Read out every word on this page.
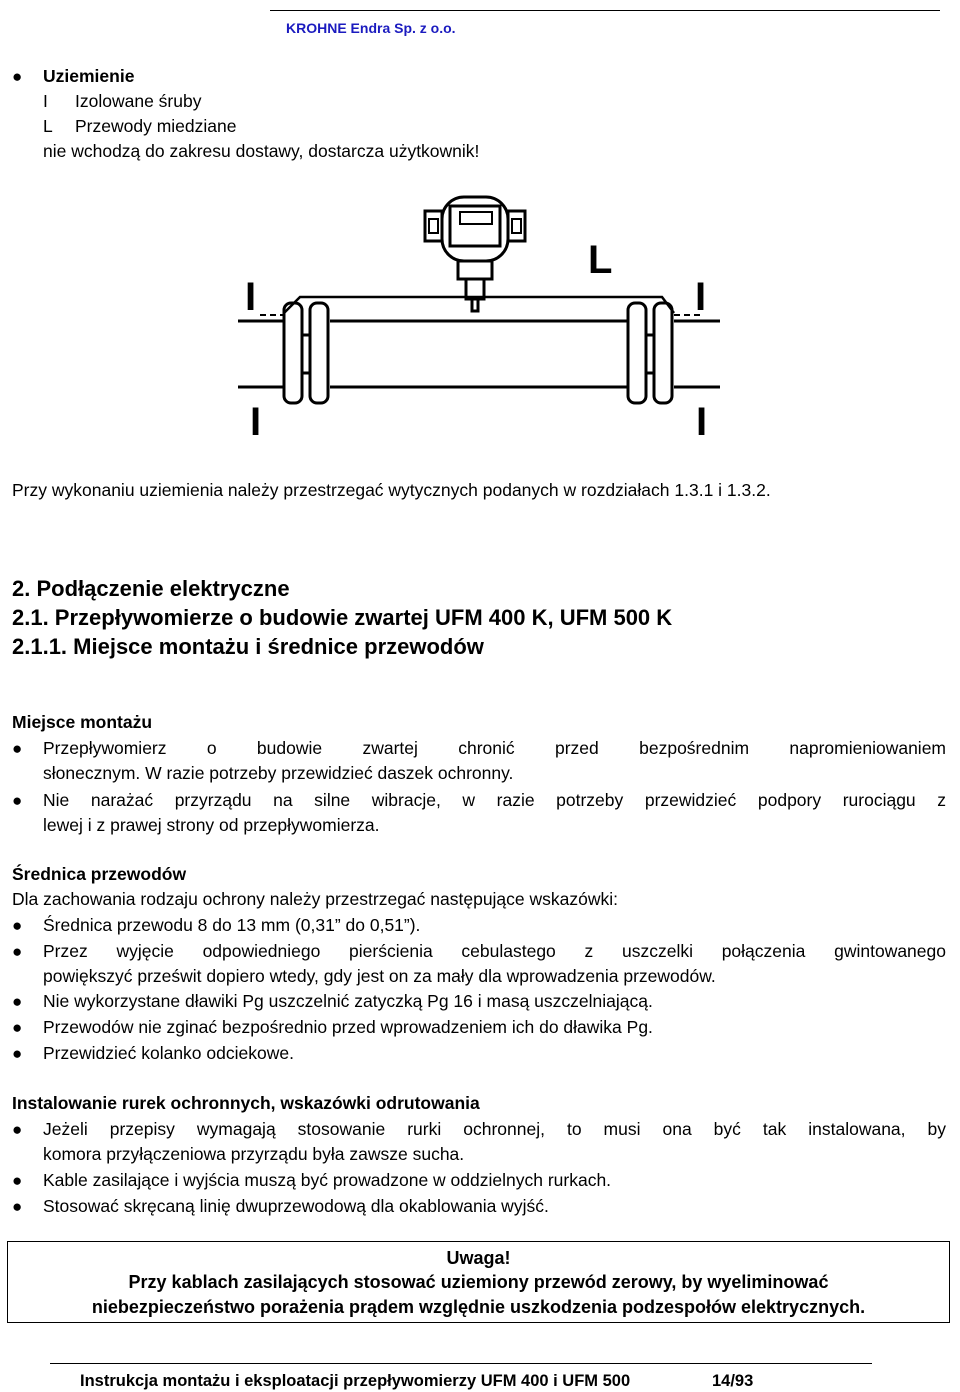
KROHNE Endra Sp. z o.o.
● Uziemienie
I Izolowane śruby
L Przewody miedziane
nie wchodzą do zakresu dostawy, dostarcza użytkownik!
L
I	I
I	I
Przy wykonaniu uziemienia należy przestrzegać wytycznych podanych w rozdziałach 1.3.1 i 1.3.2.
2. Podłączenie elektryczne
2.1. Przepływomierze o budowie zwartej UFM 400 K, UFM 500 K
2.1.1. Miejsce montażu i średnice przewodów
Miejsce montażu
● Przepływomierz o budowie zwartej chronić przed bezpośrednim napromieniowaniem
słonecznym. W razie potrzeby przewidzieć daszek ochronny.
● Nie narażać przyrządu na silne wibracje, w razie potrzeby przewidzieć podpory rurociągu z
lewej i z prawej strony od przepływomierza.
Średnica przewodów
Dla zachowania rodzaju ochrony należy przestrzegać następujące wskazówki:
● Średnica przewodu 8 do 13 mm (0,31” do 0,51”).
● Przez wyjęcie odpowiedniego pierścienia cebulastego z uszczelki połączenia gwintowanego
powiększyć prześwit dopiero wtedy, gdy jest on za mały dla wprowadzenia przewodów.
● Nie wykorzystane dławiki Pg uszczelnić zatyczką Pg 16 i masą uszczelniającą.
● Przewodów nie zginać bezpośrednio przed wprowadzeniem ich do dławika Pg.
● Przewidzieć kolanko odciekowe.
Instalowanie rurek ochronnych, wskazówki odrutowania
● Jeżeli przepisy wymagają stosowanie rurki ochronnej, to musi ona być tak instalowana, by
komora przyłączeniowa przyrządu była zawsze sucha.
● Kable zasilające i wyjścia muszą być prowadzone w oddzielnych rurkach.
● Stosować skręcaną linię dwuprzewodową dla okablowania wyjść.
Uwaga!
Przy kablach zasilających stosować uziemiony przewód zerowy, by wyeliminować
niebezpieczeństwo porażenia prądem względnie uszkodzenia podzespołów elektrycznych.
Instrukcja montażu i eksploatacji przepływomierzy UFM 400 i UFM 500	14/93
